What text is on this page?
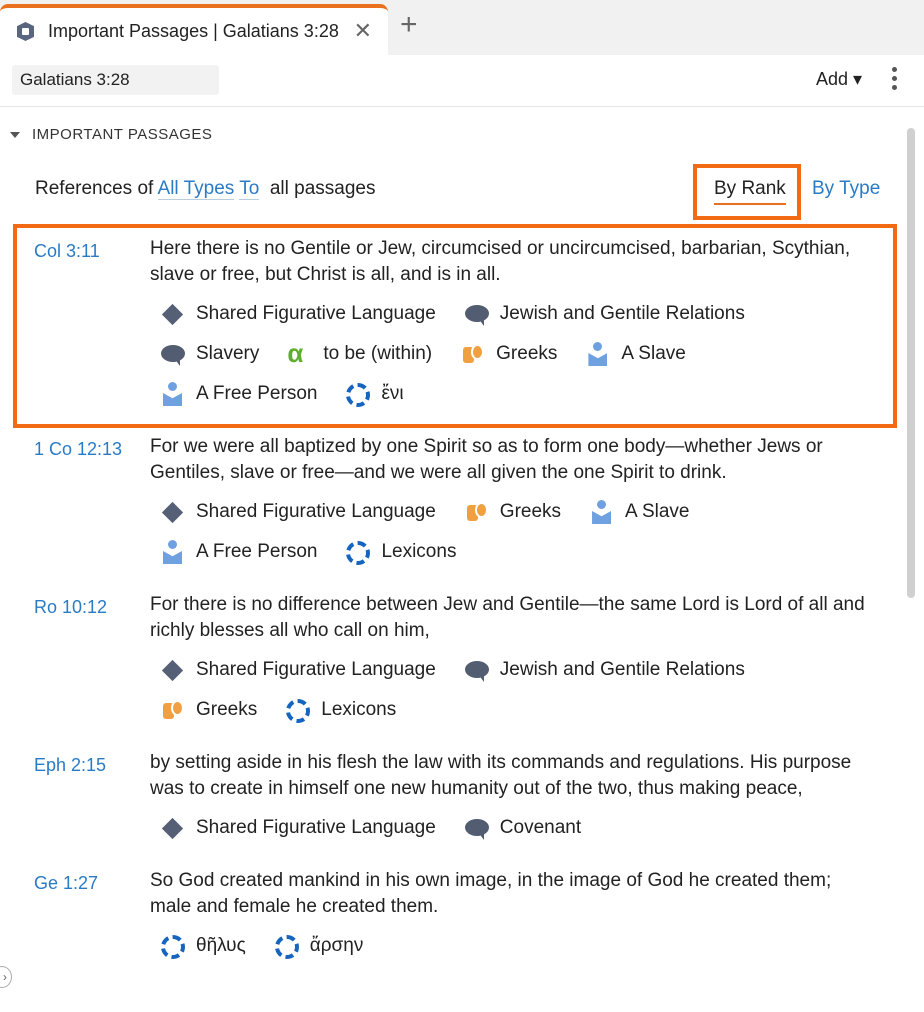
Important Passages | Galatians 3:28 ✕ +
Galatians 3:28
Add ▾
IMPORTANT PASSAGES
References of All Types To all passages	By Rank By Type
Col 3:11	Here there is no Gentile or Jew, circumcised or uncircumcised, barbarian, Scythian, slave or free, but Christ is all, and is in all.
Shared Figurative Language	Jewish and Gentile Relations
Slavery α	to be (within)	Greeks	A Slave
A Free Person	ἔνι
1 Co 12:13 For we were all baptized by one Spirit so as to form one body—whether Jews or Gentiles, slave or free—and we were all given the one Spirit to drink.
Shared Figurative Language	Greeks	A Slave
A Free Person	Lexicons
Ro 10:12 For there is no difference between Jew and Gentile—the same Lord is Lord of all and richly blesses all who call on him,
Shared Figurative Language	Jewish and Gentile Relations
Greeks	Lexicons
Eph 2:15 by setting aside in his flesh the law with its commands and regulations. His purpose was to create in himself one new humanity out of the two, thus making peace,
Shared Figurative Language	Covenant
Ge 1:27	So God created mankind in his own image, in the image of God he created them; male and female he created them.
θῆλυς	ἄρσην
›
